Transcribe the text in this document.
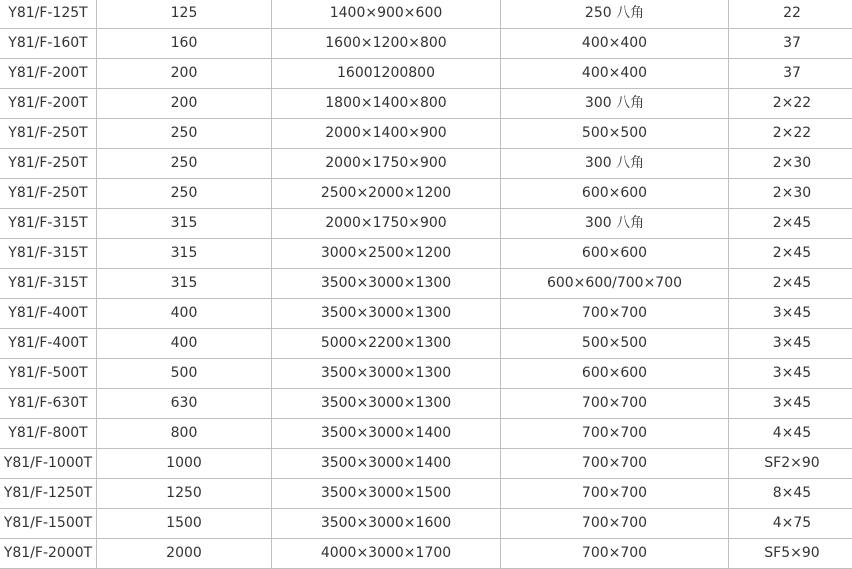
Y81/F-125T	125	1400×900×600	250 八角	22
Y81/F-160T	160	1600×1200×800	400×400	37
Y81/F-200T	200	16001200800	400×400	37
Y81/F-200T	200	1800×1400×800	300 八角	2×22
Y81/F-250T	250	2000×1400×900	500×500	2×22
Y81/F-250T	250	2000×1750×900	300 八角	2×30
Y81/F-250T	250	2500×2000×1200	600×600	2×30
Y81/F-315T	315	2000×1750×900	300 八角	2×45
Y81/F-315T	315	3000×2500×1200	600×600	2×45
Y81/F-315T	315	3500×3000×1300	600×600/700×700	2×45
Y81/F-400T	400	3500×3000×1300	700×700	3×45
Y81/F-400T	400	5000×2200×1300	500×500	3×45
Y81/F-500T	500	3500×3000×1300	600×600	3×45
Y81/F-630T	630	3500×3000×1300	700×700	3×45
Y81/F-800T	800	3500×3000×1400	700×700	4×45
Y81/F-1000T	1000	3500×3000×1400	700×700	SF2×90
Y81/F-1250T	1250	3500×3000×1500	700×700	8×45
Y81/F-1500T	1500	3500×3000×1600	700×700	4×75
Y81/F-2000T	2000	4000×3000×1700	700×700	SF5×90
